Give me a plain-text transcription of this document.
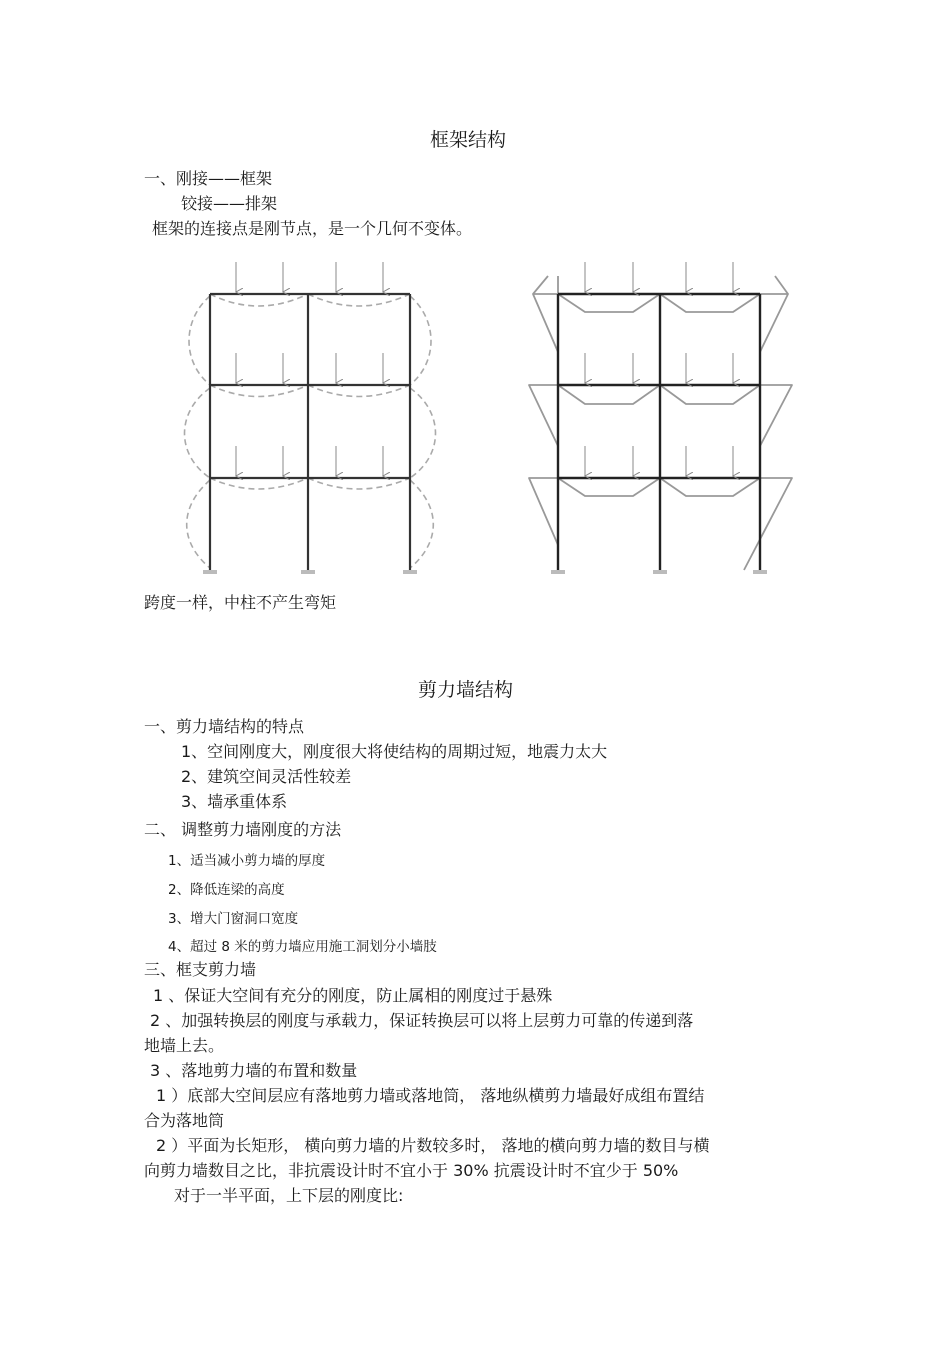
框架结构
一、刚接——框架
铰接——排架
框架的连接点是刚节点，是一个几何不变体。
跨度一样，中柱不产生弯矩
剪力墙结构
一、剪力墙结构的特点
1、空间刚度大，刚度很大将使结构的周期过短，地震力太大
2、建筑空间灵活性较差
3、墙承重体系
二、 调整剪力墙刚度的方法
1、适当减小剪力墙的厚度
2、降低连梁的高度
3、增大门窗洞口宽度
4、超过 8 米的剪力墙应用施工洞划分小墙肢
三、框支剪力墙
1 、保证大空间有充分的刚度，防止属相的刚度过于悬殊
2 、加强转换层的刚度与承载力，保证转换层可以将上层剪力可靠的传递到落
地墙上去。
3 、落地剪力墙的布置和数量
1 ）底部大空间层应有落地剪力墙或落地筒， 落地纵横剪力墙最好成组布置结
合为落地筒
2 ）平面为长矩形， 横向剪力墙的片数较多时， 落地的横向剪力墙的数目与横
向剪力墙数目之比，非抗震设计时不宜小于 30% 抗震设计时不宜少于 50%
对于一半平面，上下层的刚度比:
